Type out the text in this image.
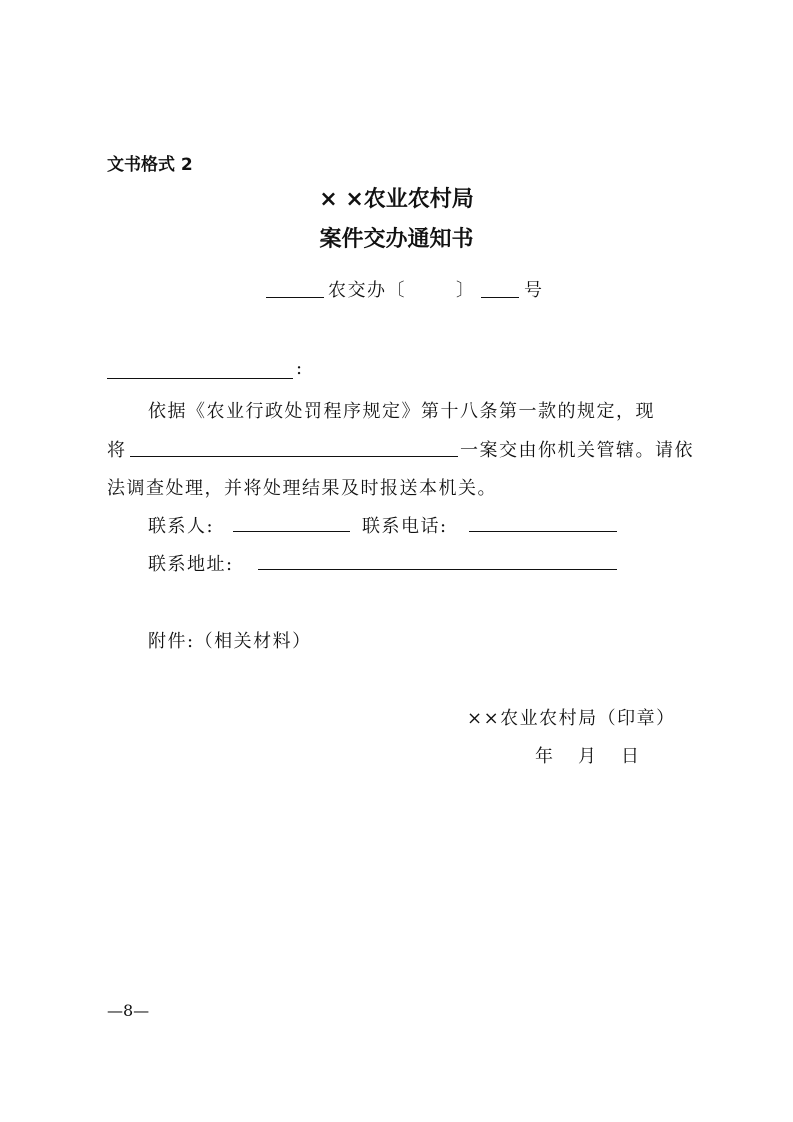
文书格式 2
× ×农业农村局
案件交办通知书
农交办〔	〕	号
:
依据《农业行政处罚程序规定》第十八条第一款的规定，现
将	一案交由你机关管辖。请依
法调查处理，并将处理结果及时报送本机关。
联系人:	联系电话:
联系地址:
附件:（相关材料）
××农业农村局（印章）
年 月 日
—8—
